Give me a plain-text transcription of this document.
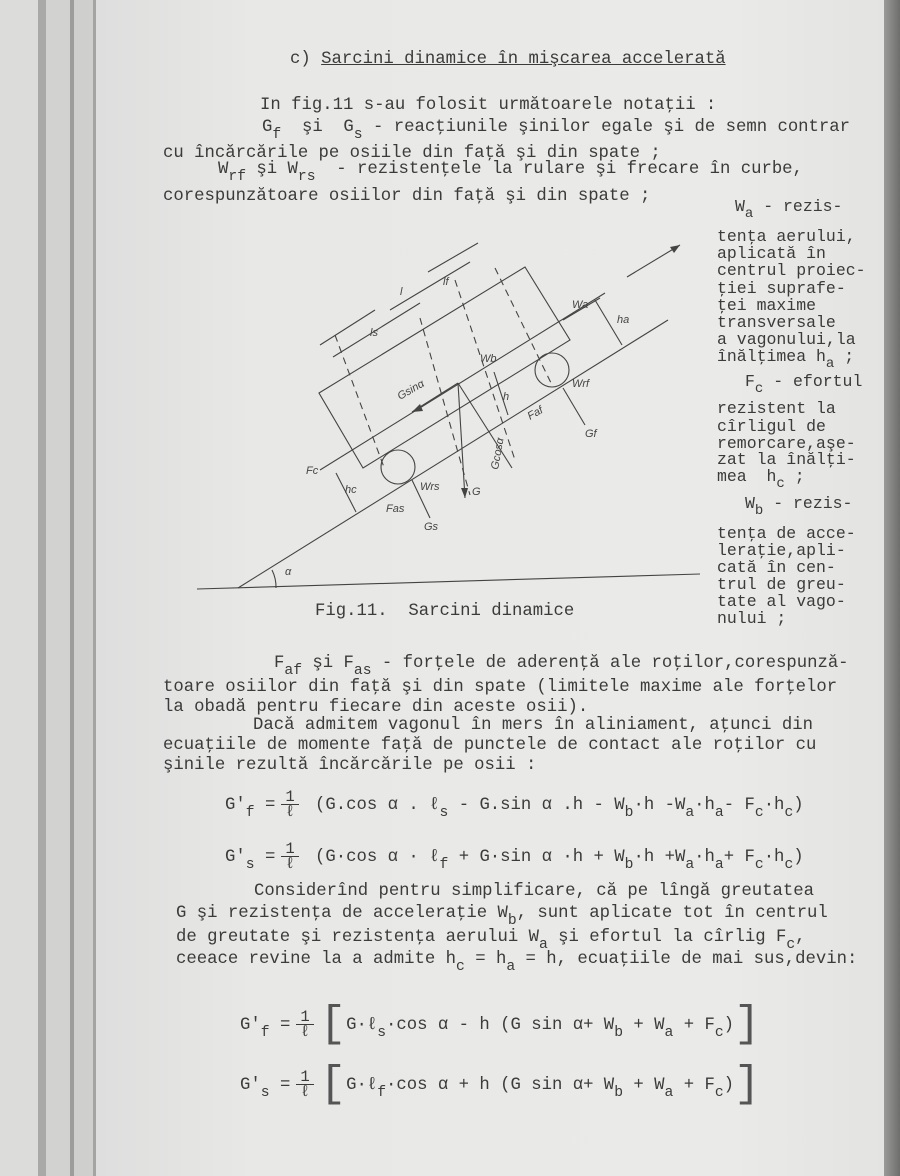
c) Sarcini dinamice în mişcarea accelerată
In fig.11 s-au folosit următoarele notaţii :
$G_f$  şi  $G_s$ - reacţiunile şinilor egale şi de semn contrar
cu încărcările pe osiile din faţă şi din spate ;
$W_{rf}$ şi $W_{rs}$  - rezistenţele la rulare şi frecare în curbe,
corespunzătoare osiilor din faţă şi din spate ;
$W_a$ - rezis-
tenţa aerului,
aplicată în
centrul proiec-
ţiei suprafe-
ţei maxime
transversale
a vagonului,la
înălţimea $h_a$ ;
$F_c$ - efortul
rezistent la
cîrligul de
remorcare,aşe-
zat la înălţi-
mea  $h_c$ ;
$W_b$ - rezis-
tenţa de acce-
leraţie,apli-
cată în cen-
trul de greu-
tate al vago-
nului ;
l
lf
ls
Wa
ha
Wb
Gsinα	h
Gcosα
G
Faf
Wrf
Gf
Fc
hc
Fas
Wrs
Gs
α
Fig.11.  Sarcini dinamice
$F_{af}$ şi $F_{as}$ - forţele de aderenţă ale roţilor,corespunză-
toare osiilor din faţă şi din spate (limitele maxime ale forţelor
la obadă pentru fiecare din aceste osii).
Dacă admitem vagonul în mers în aliniament, aţunci din
ecuaţiile de momente faţă de punctele de contact ale roţilor cu
şinile rezultă încărcările pe osii :
$G'_f = \frac{1}{\text{ℓ}} (G.\cos$ α . ℓ$_s$ - G.sin α $.h - W_b\cdot h$ $-W_a\cdot h_a-$ $F_c\cdot h_c$)
$G'_s = \frac{1}{\text{ℓ}} (G\cdot\cos$ α · ℓ$_f$ + G·sin $\alpha \cdot h + W_b\cdot h +W_a\cdot h_a+ F_c\cdot h_c$)
Considerînd pentru simplificare, că pe lîngă greutatea
G şi rezistenţa de acceleraţie $W_b$, sunt aplicate tot în centrul
de greutate şi rezistenţa aerului $W_a$ şi efortul la cîrlig $F_c$,
ceeace revine la a admite $h_c = h_a = h$, ecuaţiile de mai sus,devin:
$G'_f = \frac{1}{\text{ℓ}}$ [G·ℓ$_s$·cos α - h (G $\sin \alpha+ W_b + W_a + F_c$)]
$G'_s = \frac{1}{\text{ℓ}}$ [G·ℓ$_f$·cos α + h (G $\sin \alpha+ W_b + W_a + F_c$)]
